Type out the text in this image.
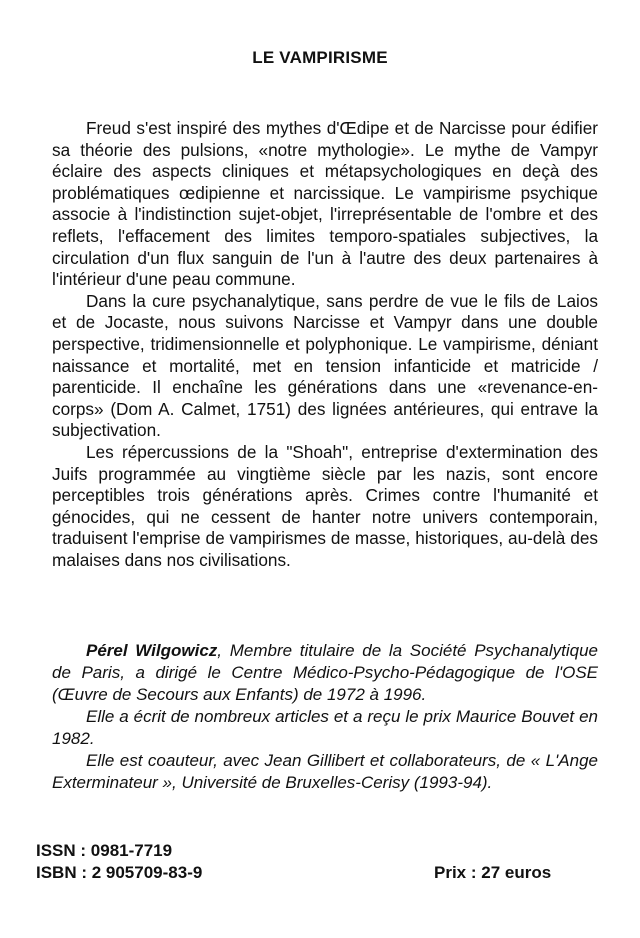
LE VAMPIRISME

Freud s'est inspiré des mythes d'Œdipe et de Narcisse pour édifier sa théorie des pulsions, «notre mythologie». Le mythe de Vampyr éclaire des aspects cliniques et métapsychologiques en deçà des problématiques œdipienne et narcissique. Le vampirisme psychique associe à l'indistinction sujet-objet, l'irreprésentable de l'ombre et des reflets, l'effacement des limites temporo-spatiales subjectives, la circulation d'un flux sanguin de l'un à l'autre des deux partenaires à l'intérieur d'une peau commune.

Dans la cure psychanalytique, sans perdre de vue le fils de Laios et de Jocaste, nous suivons Narcisse et Vampyr dans une double perspective, tridimensionnelle et polyphonique. Le vampirisme, déniant naissance et mortalité, met en tension infanticide et matricide / parenticide. Il enchaîne les générations dans une «revenance-en-corps» (Dom A. Calmet, 1751) des lignées antérieures, qui entrave la subjectivation.

Les répercussions de la "Shoah", entreprise d'extermination des Juifs programmée au vingtième siècle par les nazis, sont encore perceptibles trois générations après. Crimes contre l'humanité et génocides, qui ne cessent de hanter notre univers contemporain, traduisent l'emprise de vampirismes de masse, historiques, au-delà des malaises dans nos civilisations.

Pérel Wilgowicz, Membre titulaire de la Société Psychanalytique de Paris, a dirigé le Centre Médico-Psycho-Pédagogique de l'OSE (Œuvre de Secours aux Enfants) de 1972 à 1996.

Elle a écrit de nombreux articles et a reçu le prix Maurice Bouvet en 1982.

Elle est coauteur, avec Jean Gillibert et collaborateurs, de « L'Ange Exterminateur », Université de Bruxelles-Cerisy (1993-94).

ISSN : 0981-7719
ISBN : 2 905709-83-9	Prix : 27 euros
